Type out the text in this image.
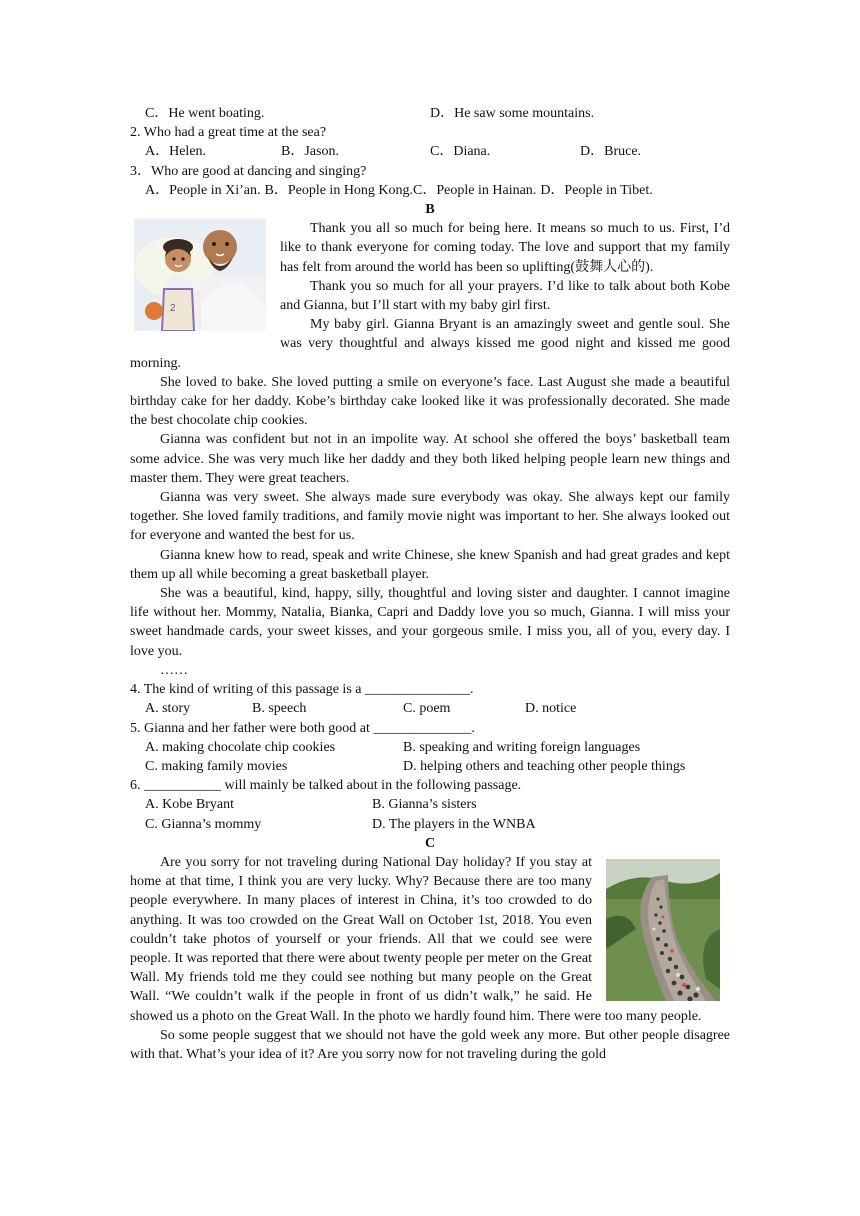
C．He went boating.	D．He saw some mountains.
2. Who had a great time at the sea?
A．Helen.	B．Jason.	C．Diana.	D．Bruce.
3．Who are good at dancing and singing?
A．People in Xi’an. B．People in Hong Kong. C．People in Hainan. D．People in Tibet.
B
2

Thank you all so much for being here. It means so much to us. First, I’d like to thank everyone for coming today. The love and support that my family has felt from around the world has been so uplifting(鼓舞人心的).

Thank you so much for all your prayers. I’d like to talk about both Kobe and Gianna, but I’ll start with my baby girl first.

My baby girl. Gianna Bryant is an amazingly sweet and gentle soul. She was very thoughtful and always kissed me good night and kissed me good morning.

She loved to bake. She loved putting a smile on everyone’s face. Last August she made a beautiful birthday cake for her daddy. Kobe’s birthday cake looked like it was professionally decorated. She made the best chocolate chip cookies.

Gianna was confident but not in an impolite way. At school she offered the boys’ basketball team some advice. She was very much like her daddy and they both liked helping people learn new things and master them. They were great teachers.

Gianna was very sweet. She always made sure everybody was okay. She always kept our family together. She loved family traditions, and family movie night was important to her. She always looked out for everyone and wanted the best for us.

Gianna knew how to read, speak and write Chinese, she knew Spanish and had great grades and kept them up all while becoming a great basketball player.

She was a beautiful, kind, happy, silly, thoughtful and loving sister and daughter. I cannot imagine life without her. Mommy, Natalia, Bianka, Capri and Daddy love you so much, Gianna. I will miss your sweet handmade cards, your sweet kisses, and your gorgeous smile. I miss you, all of you, every day. I love you.

……
4. The kind of writing of this passage is a _______________.
A. story	B. speech	C. poem	D. notice
5. Gianna and her father were both good at ______________.
A. making chocolate chip cookies	B. speaking and writing foreign languages
C. making family movies	D. helping others and teaching other people things
6. ___________ will mainly be talked about in the following passage.
A. Kobe Bryant	B. Gianna’s sisters
C. Gianna’s mommy	D. The players in the WNBA
C

Are you sorry for not traveling during National Day holiday? If you stay at home at that time, I think you are very lucky. Why? Because there are too many people everywhere. In many places of interest in China, it’s too crowded to do anything. It was too crowded on the Great Wall on October 1st, 2018. You even couldn’t take photos of yourself or your friends. All that we could see were people. It was reported that there were about twenty people per meter on the Great Wall. My friends told me they could see nothing but many people on the Great Wall. “We couldn’t walk if the people in front of us didn’t walk,” he said. He showed us a photo on the Great Wall. In the photo we hardly found him. There were too many people.

So some people suggest that we should not have the gold week any more. But other people disagree with that. What’s your idea of it? Are you sorry now for not traveling during the gold
